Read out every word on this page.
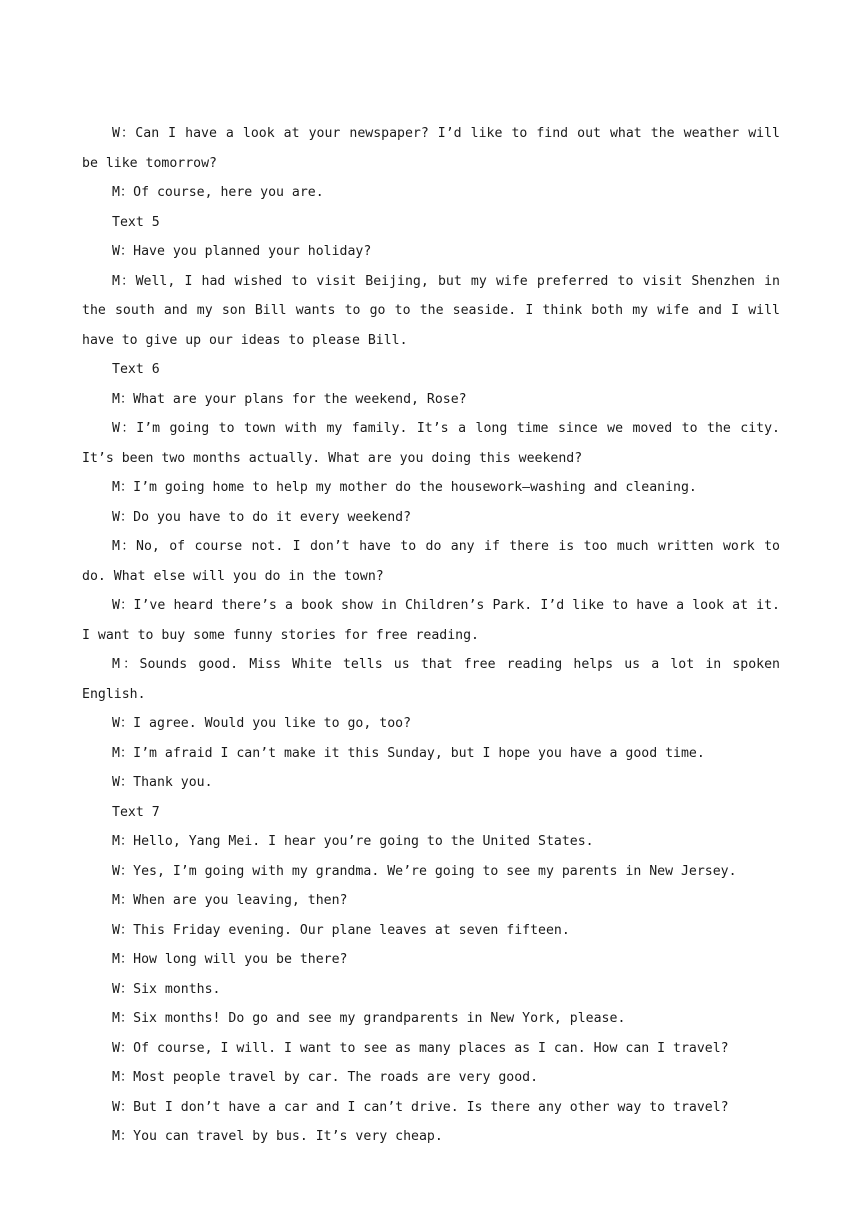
W：Can I have a look at your newspaper? I’d like to find out what the weather will be like tomorrow?

M：Of course, here you are.

Text 5

W：Have you planned your holiday?

M：Well, I had wished to visit Beijing, but my wife preferred to visit Shenzhen in the south and my son Bill wants to go to the seaside. I think both my wife and I will have to give up our ideas to please Bill.

Text 6

M：What are your plans for the weekend, Rose?

W：I’m going to town with my family. It’s a long time since we moved to the city. It’s been two months actually. What are you doing this weekend?

M：I’m going home to help my mother do the housework—washing and cleaning.

W：Do you have to do it every weekend?

M：No, of course not. I don’t have to do any if there is too much written work to do. What else will you do in the town?

W：I’ve heard there’s a book show in Children’s Park. I’d like to have a look at it. I want to buy some funny stories for free reading.

M：Sounds good. Miss White tells us that free reading helps us a lot in spoken English.

W：I agree. Would you like to go, too?

M：I’m afraid I can’t make it this Sunday, but I hope you have a good time.

W：Thank you.

Text 7

M：Hello, Yang Mei. I hear you’re going to the United States.

W：Yes, I’m going with my grandma. We’re going to see my parents in New Jersey.

M：When are you leaving, then?

W：This Friday evening. Our plane leaves at seven fifteen.

M：How long will you be there?

W：Six months.

M：Six months! Do go and see my grandparents in New York, please.

W：Of course, I will. I want to see as many places as I can. How can I travel?

M：Most people travel by car. The roads are very good.

W：But I don’t have a car and I can’t drive. Is there any other way to travel?

M：You can travel by bus. It’s very cheap.
